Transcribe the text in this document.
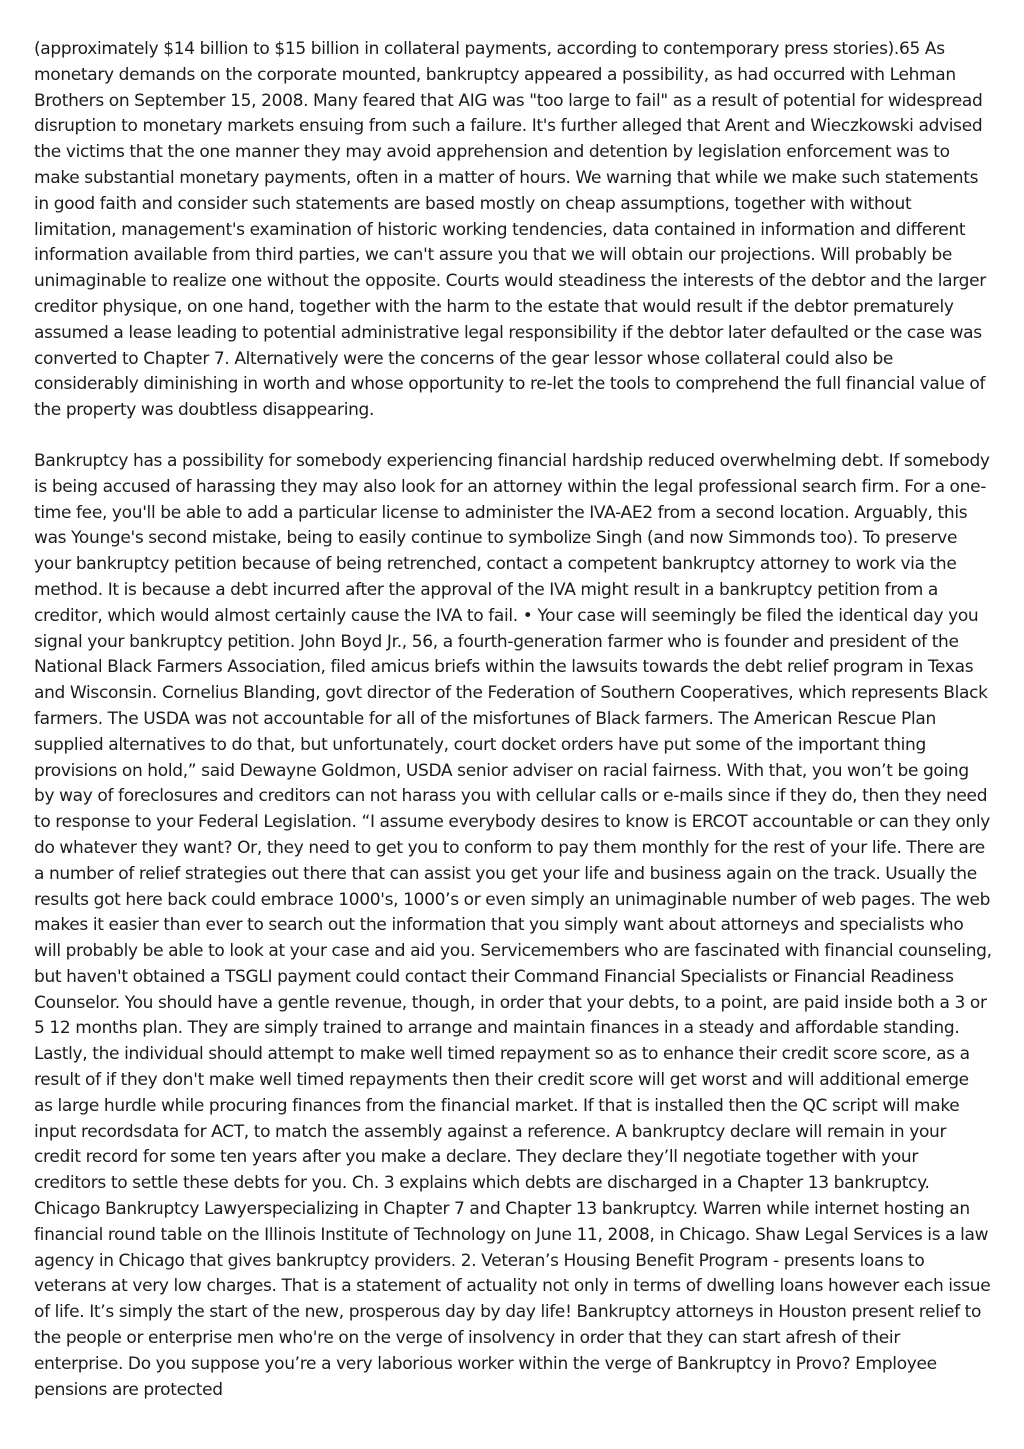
(approximately $14 billion to $15 billion in collateral payments, according to contemporary press stories).65 As monetary demands on the corporate mounted, bankruptcy appeared a possibility, as had occurred with Lehman Brothers on September 15, 2008. Many feared that AIG was "too large to fail" as a result of potential for widespread disruption to monetary markets ensuing from such a failure. It's further alleged that Arent and Wieczkowski advised the victims that the one manner they may avoid apprehension and detention by legislation enforcement was to make substantial monetary payments, often in a matter of hours. We warning that while we make such statements in good faith and consider such statements are based mostly on cheap assumptions, together with without limitation, management's examination of historic working tendencies, data contained in information and different information available from third parties, we can't assure you that we will obtain our projections. Will probably be unimaginable to realize one without the opposite. Courts would steadiness the interests of the debtor and the larger creditor physique, on one hand, together with the harm to the estate that would result if the debtor prematurely assumed a lease leading to potential administrative legal responsibility if the debtor later defaulted or the case was converted to Chapter 7. Alternatively were the concerns of the gear lessor whose collateral could also be considerably diminishing in worth and whose opportunity to re-let the tools to comprehend the full financial value of the property was doubtless disappearing.

Bankruptcy has a possibility for somebody experiencing financial hardship reduced overwhelming debt. If somebody is being accused of harassing they may also look for an attorney within the legal professional search firm. For a one-time fee, you'll be able to add a particular license to administer the IVA-AE2 from a second location. Arguably, this was Younge's second mistake, being to easily continue to symbolize Singh (and now Simmonds too). To preserve your bankruptcy petition because of being retrenched, contact a competent bankruptcy attorney to work via the method. It is because a debt incurred after the approval of the IVA might result in a bankruptcy petition from a creditor, which would almost certainly cause the IVA to fail. • Your case will seemingly be filed the identical day you signal your bankruptcy petition. John Boyd Jr., 56, a fourth-generation farmer who is founder and president of the National Black Farmers Association, filed amicus briefs within the lawsuits towards the debt relief program in Texas and Wisconsin. Cornelius Blanding, govt director of the Federation of Southern Cooperatives, which represents Black farmers. The USDA was not accountable for all of the misfortunes of Black farmers. The American Rescue Plan supplied alternatives to do that, but unfortunately, court docket orders have put some of the important thing provisions on hold,” said Dewayne Goldmon, USDA senior adviser on racial fairness. With that, you won’t be going by way of foreclosures and creditors can not harass you with cellular calls or e-mails since if they do, then they need to response to your Federal Legislation. “I assume everybody desires to know is ERCOT accountable or can they only do whatever they want? Or, they need to get you to conform to pay them monthly for the rest of your life. There are a number of relief strategies out there that can assist you get your life and business again on the track. Usually the results got here back could embrace 1000's, 1000’s or even simply an unimaginable number of web pages. The web makes it easier than ever to search out the information that you simply want about attorneys and specialists who will probably be able to look at your case and aid you. Servicemembers who are fascinated with financial counseling, but haven't obtained a TSGLI payment could contact their Command Financial Specialists or Financial Readiness Counselor. You should have a gentle revenue, though, in order that your debts, to a point, are paid inside both a 3 or 5 12 months plan. They are simply trained to arrange and maintain finances in a steady and affordable standing. Lastly, the individual should attempt to make well timed repayment so as to enhance their credit score score, as a result of if they don't make well timed repayments then their credit score will get worst and will additional emerge as large hurdle while procuring finances from the financial market. If that is installed then the QC script will make input recordsdata for ACT, to match the assembly against a reference. A bankruptcy declare will remain in your credit record for some ten years after you make a declare. They declare they’ll negotiate together with your creditors to settle these debts for you. Ch. 3 explains which debts are discharged in a Chapter 13 bankruptcy. Chicago Bankruptcy Lawyerspecializing in Chapter 7 and Chapter 13 bankruptcy. Warren while internet hosting an financial round table on the Illinois Institute of Technology on June 11, 2008, in Chicago. Shaw Legal Services is a law agency in Chicago that gives bankruptcy providers. 2. Veteran’s Housing Benefit Program - presents loans to veterans at very low charges. That is a statement of actuality not only in terms of dwelling loans however each issue of life. It’s simply the start of the new, prosperous day by day life! Bankruptcy attorneys in Houston present relief to the people or enterprise men who're on the verge of insolvency in order that they can start afresh of their enterprise. Do you suppose you’re a very laborious worker within the verge of Bankruptcy in Provo? Employee pensions are protected
